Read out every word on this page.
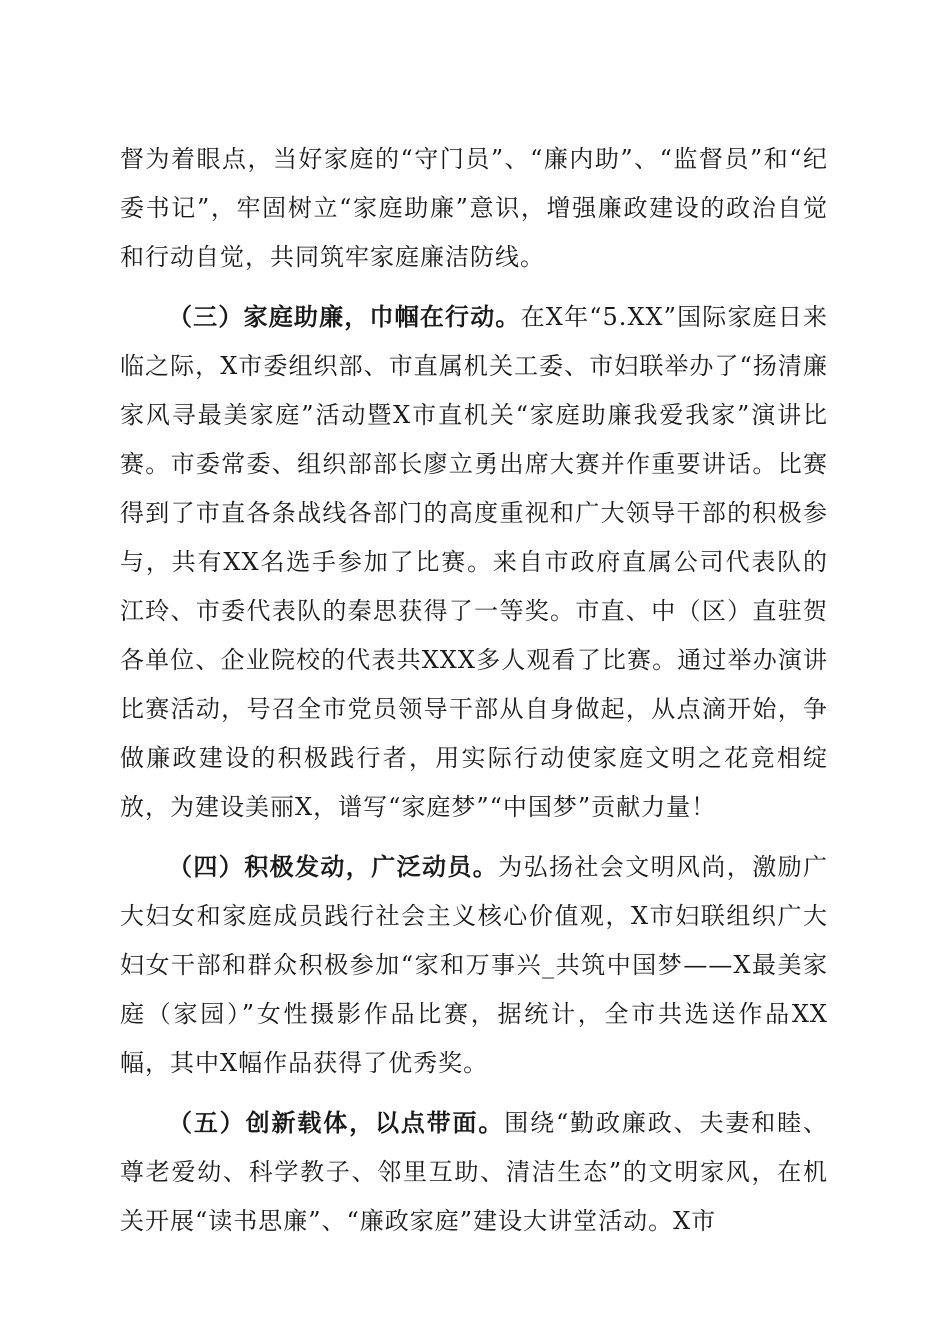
督为着眼点，当好家庭的“守门员”、“廉内助”、“监督员”和“纪委书记”，牢固树立“家庭助廉”意识，增强廉政建设的政治自觉和行动自觉，共同筑牢家庭廉洁防线。

（三）家庭助廉，巾帼在行动。在X年“5.XX”国际家庭日来临之际，X市委组织部、市直属机关工委、市妇联举办了“扬清廉家风寻最美家庭”活动暨X市直机关“家庭助廉我爱我家”演讲比赛。市委常委、组织部部长廖立勇出席大赛并作重要讲话。比赛得到了市直各条战线各部门的高度重视和广大领导干部的积极参与，共有XX名选手参加了比赛。来自市政府直属公司代表队的江玲、市委代表队的秦思获得了一等奖。市直、中（区）直驻贺各单位、企业院校的代表共XXX多人观看了比赛。通过举办演讲比赛活动，号召全市党员领导干部从自身做起，从点滴开始，争做廉政建设的积极践行者，用实际行动使家庭文明之花竞相绽放，为建设美丽X，谱写“家庭梦”“中国梦”贡献力量！

（四）积极发动，广泛动员。为弘扬社会文明风尚，激励广大妇女和家庭成员践行社会主义核心价值观，X市妇联组织广大妇女干部和群众积极参加“家和万事兴_共筑中国梦——X最美家庭（家园）”女性摄影作品比赛，据统计，全市共选送作品XX幅，其中X幅作品获得了优秀奖。

（五）创新载体，以点带面。围绕“勤政廉政、夫妻和睦、尊老爱幼、科学教子、邻里互助、清洁生态”的文明家风，在机关开展“读书思廉”、“廉政家庭”建设大讲堂活动。X市
